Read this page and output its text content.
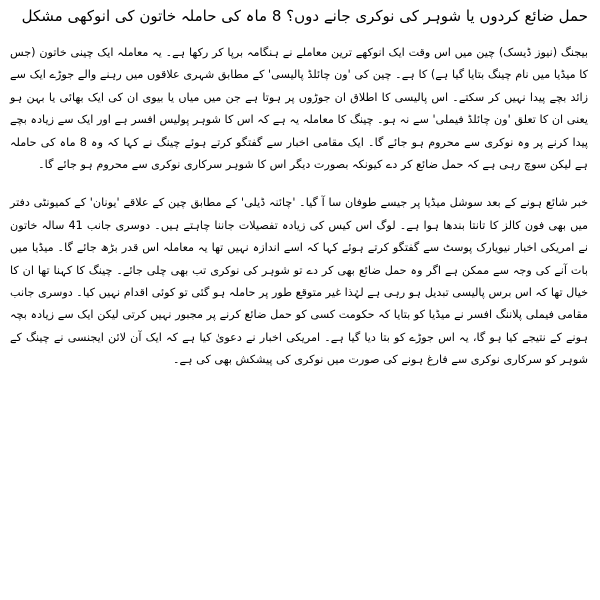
حمل ضائع کردوں یا شوہر کی نوکری جانے دوں؟ 8 ماہ کی حاملہ خاتون کی انوکھی مشکل

بیجنگ (نیوز ڈیسک) چین میں اس وقت ایک انوکھے ترین معاملے نے ہنگامہ برپا کر رکھا ہے۔ یہ معاملہ ایک چینی خاتون (جس کا میڈیا میں نام چینگ بتایا گیا ہے) کا ہے۔ چین کی 'ون چائلڈ پالیسی' کے مطابق شہری علاقوں میں رہنے والے جوڑے ایک سے زائد بچے پیدا نہیں کر سکتے۔ اس پالیسی کا اطلاق ان جوڑوں پر ہوتا ہے جن میں میاں یا بیوی ان کی ایک بھائی یا بہن ہو یعنی ان کا تعلق 'ون چائلڈ فیملی' سے نہ ہو۔ چینگ کا معاملہ یہ ہے کہ اس کا شوہر پولیس افسر ہے اور ایک سے زیادہ بچے پیدا کرنے پر وہ نوکری سے محروم ہو جائے گا۔ ایک مقامی اخبار سے گفتگو کرتے ہوئے چینگ نے کہا کہ وہ 8 ماہ کی حاملہ ہے لیکن سوچ رہی ہے کہ حمل ضائع کر دے کیونکہ بصورت دیگر اس کا شوہر سرکاری نوکری سے محروم ہو جائے گا۔

خبر شائع ہونے کے بعد سوشل میڈیا پر جیسے طوفان سا آ گیا۔ 'چائنہ ڈیلی' کے مطابق چین کے علاقے 'یونان' کے کمیونٹی دفتر میں بھی فون کالز کا تانتا بندھا ہوا ہے۔ لوگ اس کیس کی زیادہ تفصیلات جاننا چاہتے ہیں۔ دوسری جانب 41 سالہ خاتون نے امریکی اخبار نیویارک پوسٹ سے گفتگو کرتے ہوئے کہا کہ اسے اندازہ نہیں تھا یہ معاملہ اس قدر بڑھ جائے گا۔ میڈیا میں بات آنے کی وجہ سے ممکن ہے اگر وہ حمل ضائع بھی کر دے تو شوہر کی نوکری تب بھی چلی جائے۔ چینگ کا کہنا تھا ان کا خیال تھا کہ اس برس پالیسی تبدیل ہو رہی ہے لہٰذا غیر متوقع طور پر حاملہ ہو گئی تو کوئی اقدام نہیں کیا۔ دوسری جانب مقامی فیملی پلاننگ افسر نے میڈیا کو بتایا کہ حکومت کسی کو حمل ضائع کرنے پر مجبور نہیں کرتی لیکن ایک سے زیادہ بچہ ہونے کے نتیجے کیا ہو گا، یہ اس جوڑے کو بتا دیا گیا ہے۔ امریکی اخبار نے دعویٰ کیا ہے کہ ایک آن لائن ایجنسی نے چینگ کے شوہر کو سرکاری نوکری سے فارغ ہونے کی صورت میں نوکری کی پیشکش بھی کی ہے۔
